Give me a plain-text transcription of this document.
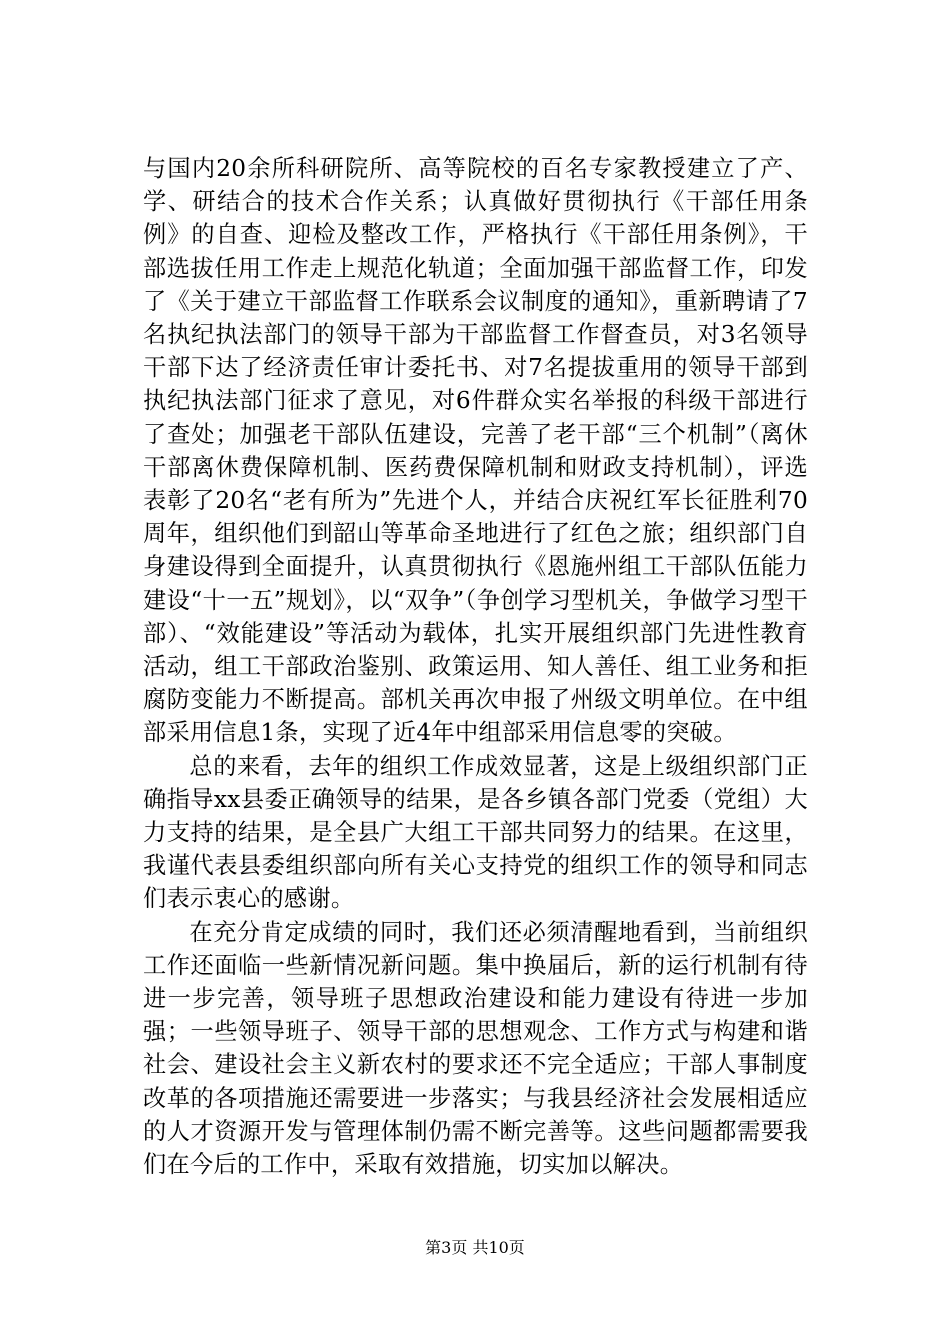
与国内20余所科研院所、高等院校的百名专家教授建立了产、学、研结合的技术合作关系；认真做好贯彻执行《干部任用条例》的自查、迎检及整改工作，严格执行《干部任用条例》，干部选拔任用工作走上规范化轨道；全面加强干部监督工作，印发了《关于建立干部监督工作联系会议制度的通知》，重新聘请了7名执纪执法部门的领导干部为干部监督工作督查员，对3名领导干部下达了经济责任审计委托书、对7名提拔重用的领导干部到执纪执法部门征求了意见，对6件群众实名举报的科级干部进行了查处；加强老干部队伍建设，完善了老干部“三个机制”（离休干部离休费保障机制、医药费保障机制和财政支持机制），评选表彰了20名“老有所为”先进个人，并结合庆祝红军长征胜利70周年，组织他们到韶山等革命圣地进行了红色之旅；组织部门自身建设得到全面提升，认真贯彻执行《恩施州组工干部队伍能力建设“十一五”规划》，以“双争”（争创学习型机关，争做学习型干部）、“效能建设”等活动为载体，扎实开展组织部门先进性教育活动，组工干部政治鉴别、政策运用、知人善任、组工业务和拒腐防变能力不断提高。部机关再次申报了州级文明单位。在中组部采用信息1条，实现了近4年中组部采用信息零的突破。

总的来看，去年的组织工作成效显著，这是上级组织部门正确指导xx县委正确领导的结果，是各乡镇各部门党委（党组）大力支持的结果，是全县广大组工干部共同努力的结果。在这里，我谨代表县委组织部向所有关心支持党的组织工作的领导和同志们表示衷心的感谢。

在充分肯定成绩的同时，我们还必须清醒地看到，当前组织工作还面临一些新情况新问题。集中换届后，新的运行机制有待进一步完善，领导班子思想政治建设和能力建设有待进一步加强；一些领导班子、领导干部的思想观念、工作方式与构建和谐社会、建设社会主义新农村的要求还不完全适应；干部人事制度改革的各项措施还需要进一步落实；与我县经济社会发展相适应的人才资源开发与管理体制仍需不断完善等。这些问题都需要我们在今后的工作中，采取有效措施，切实加以解决。

第3页 共10页
